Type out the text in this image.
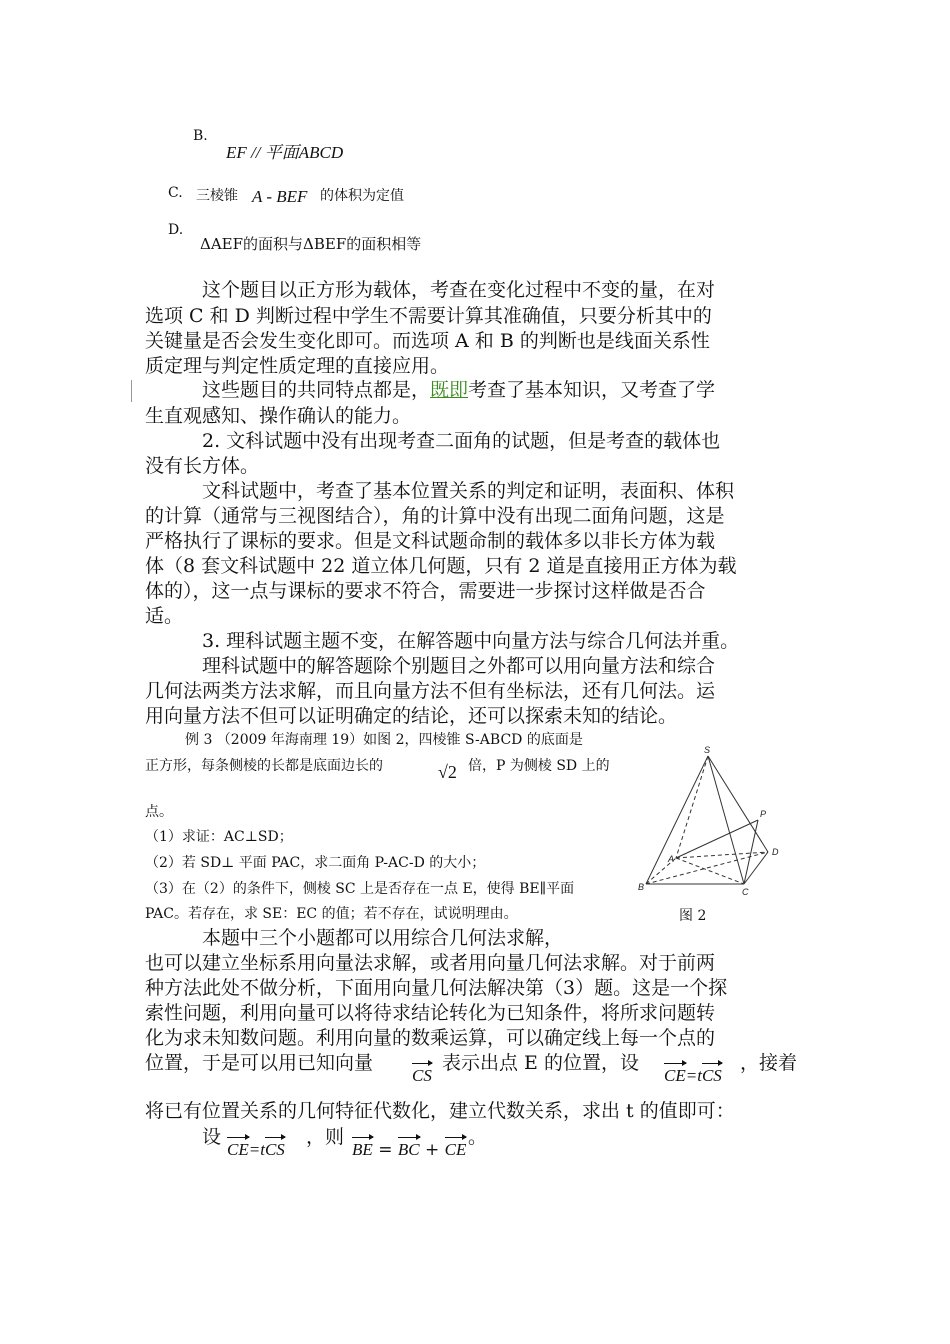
B.
EF // 平面ABCD
C. 三棱锥 A - BEF 的体积为定值
D.
ΔAEF的面积与ΔBEF的面积相等
这个题目以正方形为载体，考查在变化过程中不变的量，在对
选项 C 和 D 判断过程中学生不需要计算其准确值，只要分析其中的
关键量是否会发生变化即可。而选项 A 和 B 的判断也是线面关系性
质定理与判定性质定理的直接应用。
这些题目的共同特点都是，既即考查了基本知识，又考查了学
生直观感知、操作确认的能力。
2. 文科试题中没有出现考查二面角的试题，但是考查的载体也
没有长方体。
文科试题中，考查了基本位置关系的判定和证明，表面积、体积
的计算（通常与三视图结合），角的计算中没有出现二面角问题，这是
严格执行了课标的要求。但是文科试题命制的载体多以非长方体为载
体（8 套文科试题中 22 道立体几何题，只有 2 道是直接用正方体为载
体的），这一点与课标的要求不符合，需要进一步探讨这样做是否合
适。
3. 理科试题主题不变，在解答题中向量方法与综合几何法并重。
理科试题中的解答题除个别题目之外都可以用向量方法和综合
几何法两类方法求解，而且向量方法不但有坐标法，还有几何法。运
用向量方法不但可以证明确定的结论，还可以探索未知的结论。
例 3 （2009 年海南理 19）如图 2，四棱锥 S-ABCD 的底面是
正方形，每条侧棱的长都是底面边长的	√2 倍，P 为侧棱 SD 上的
点。
（1）求证：AC⊥SD；
（2）若 SD⊥ 平面 PAC，求二面角 P-AC-D 的大小；
（3）在（2）的条件下，侧棱 SC 上是否存在一点 E，使得 BE∥平面
PAC。若存在，求 SE：EC 的值；若不存在，试说明理由。
S
A
B	C
D
P
图 2
本题中三个小题都可以用综合几何法求解，
也可以建立坐标系用向量法求解，或者用向量几何法求解。对于前两
种方法此处不做分析，下面用向量几何法解决第（3）题。这是一个探
索性问题，利用向量可以将待求结论转化为已知条件，将所求问题转
化为求未知数问题。利用向量的数乘运算，可以确定线上每一个点的
位置，于是可以用已知向量
CS
表示出点 E 的位置，设
CE=tCS
，接着
将已有位置关系的几何特征代数化，建立代数关系，求出 t 的值即可：
设
CE=tCS
，则
BE = BC + CE
。
